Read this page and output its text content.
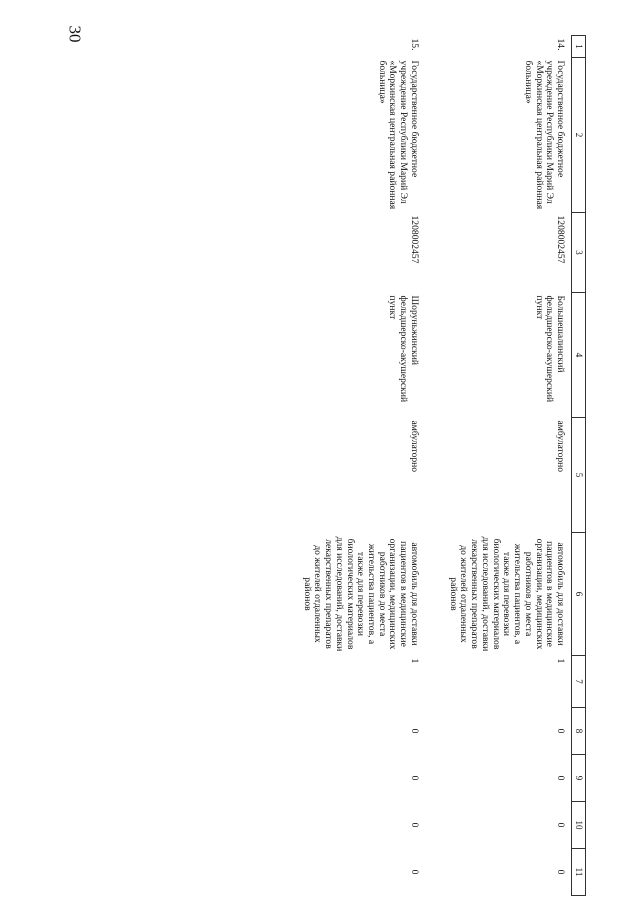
30
1	2	3	4	5	6	7	8	9	10	11
14.	Государственное бюджетное учреждение Республики Марий Эл «Моркинская центральная районная больница»	1208002457	Большешалинский фельдшерско-акушерский пункт	амбулаторно	автомобиль для доставки пациентов в медицинские организации, медицинских работников до места жительства пациентов, а также для перевозки биологических материалов для исследований, доставки лекарственных препаратов до жителей отдаленных районов	1	0	0	0	0
15.	Государственное бюджетное учреждение Республики Марий Эл «Моркинская центральная районная больница»	1208002457	Шоруньжинский фельдшерско-акушерский пункт	амбулаторно	автомобиль для доставки пациентов в медицинские организации, медицинских работников до места жительства пациентов, а также для перевозки биологических материалов для исследований, доставки лекарственных препаратов до жителей отдаленных районов	1	0	0	0	0
